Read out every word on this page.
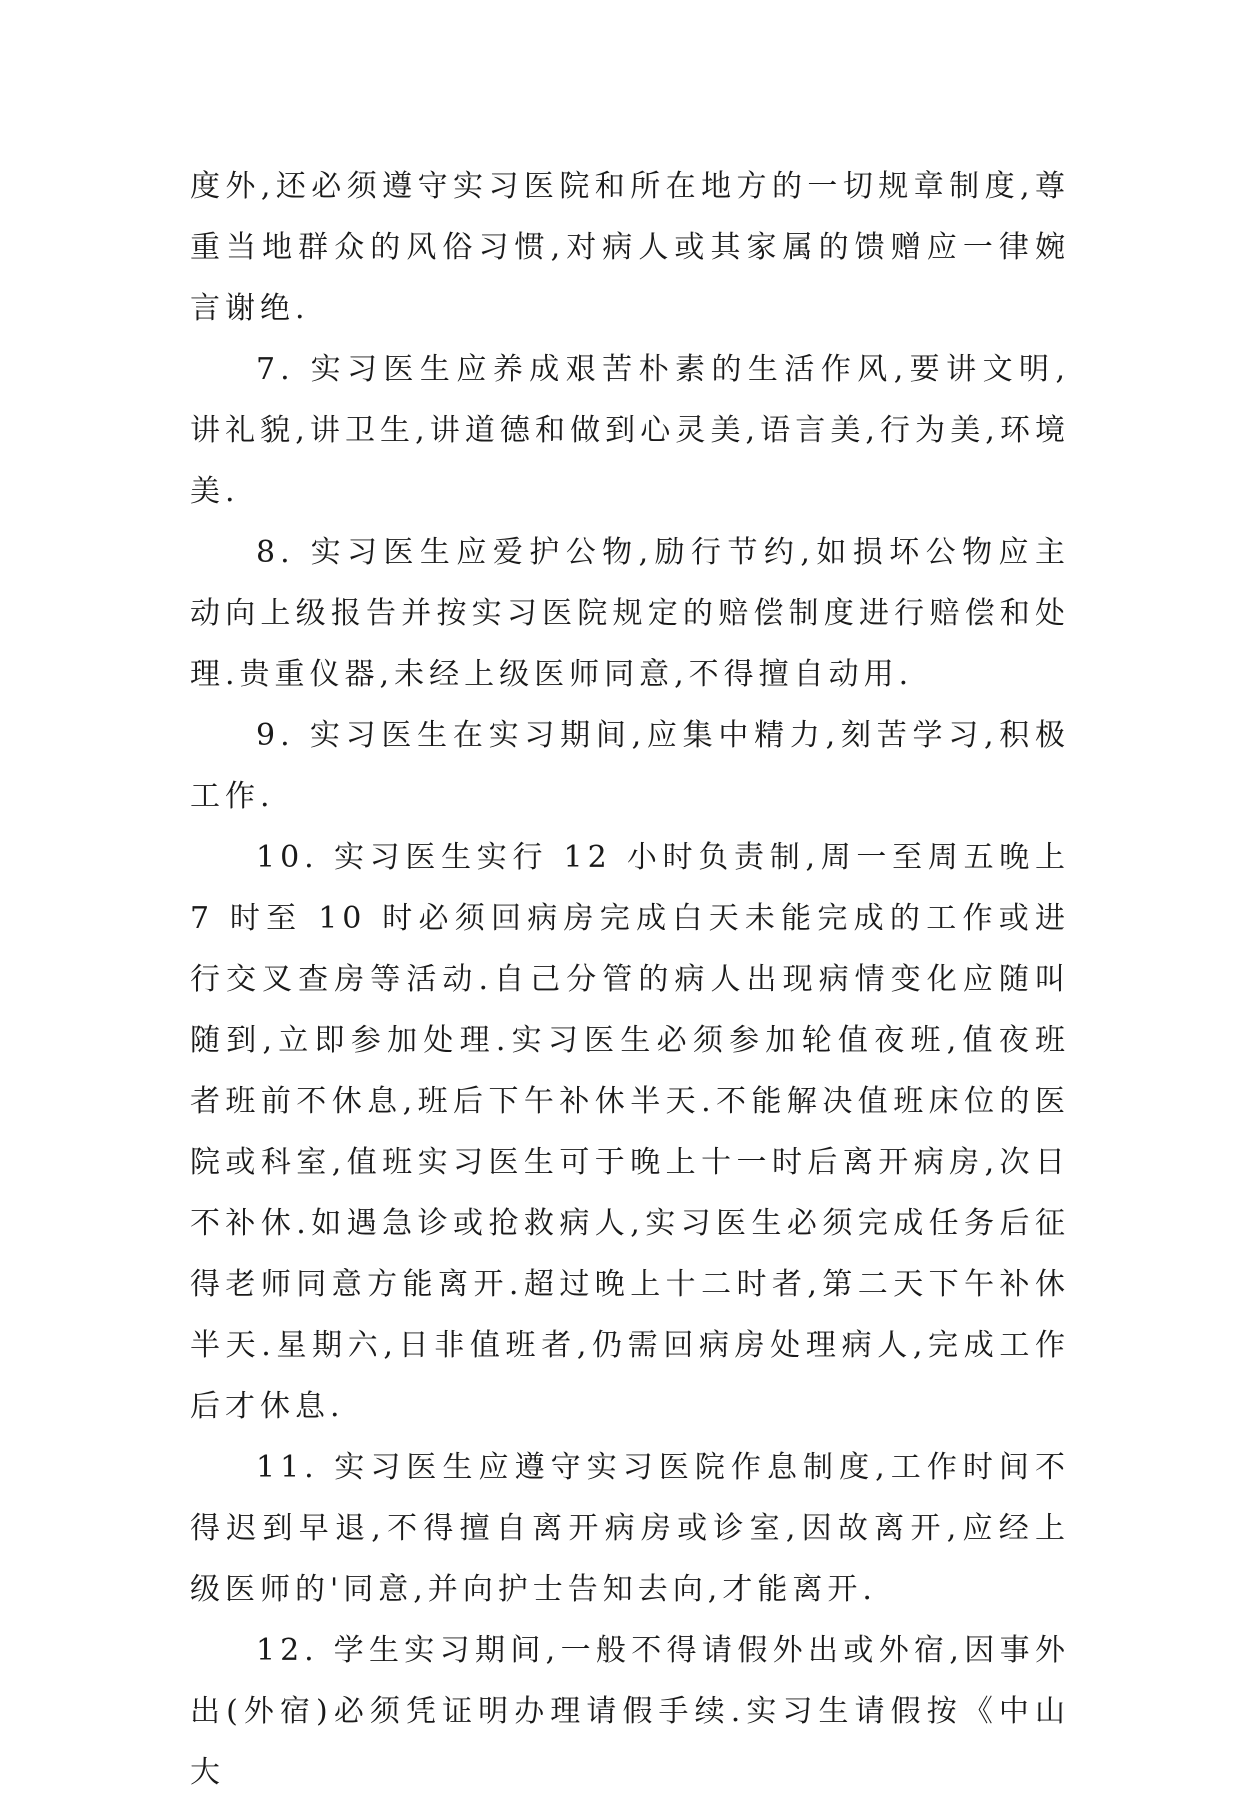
度外,还必须遵守实习医院和所在地方的一切规章制度,尊重当地群众的风俗习惯,对病人或其家属的馈赠应一律婉言谢绝.

7. 实习医生应养成艰苦朴素的生活作风,要讲文明,讲礼貌,讲卫生,讲道德和做到心灵美,语言美,行为美,环境美.

8. 实习医生应爱护公物,励行节约,如损坏公物应主动向上级报告并按实习医院规定的赔偿制度进行赔偿和处理.贵重仪器,未经上级医师同意,不得擅自动用.

9. 实习医生在实习期间,应集中精力,刻苦学习,积极工作.

10. 实习医生实行 12 小时负责制,周一至周五晚上 7 时至 10 时必须回病房完成白天未能完成的工作或进行交叉查房等活动.自己分管的病人出现病情变化应随叫随到,立即参加处理.实习医生必须参加轮值夜班,值夜班者班前不休息,班后下午补休半天.不能解决值班床位的医院或科室,值班实习医生可于晚上十一时后离开病房,次日不补休.如遇急诊或抢救病人,实习医生必须完成任务后征得老师同意方能离开.超过晚上十二时者,第二天下午补休半天.星期六,日非值班者,仍需回病房处理病人,完成工作后才休息.

11. 实习医生应遵守实习医院作息制度,工作时间不得迟到早退,不得擅自离开病房或诊室,因故离开,应经上级医师的'同意,并向护士告知去向,才能离开.

12. 学生实习期间,一般不得请假外出或外宿,因事外出(外宿)必须凭证明办理请假手续.实习生请假按《中山大
